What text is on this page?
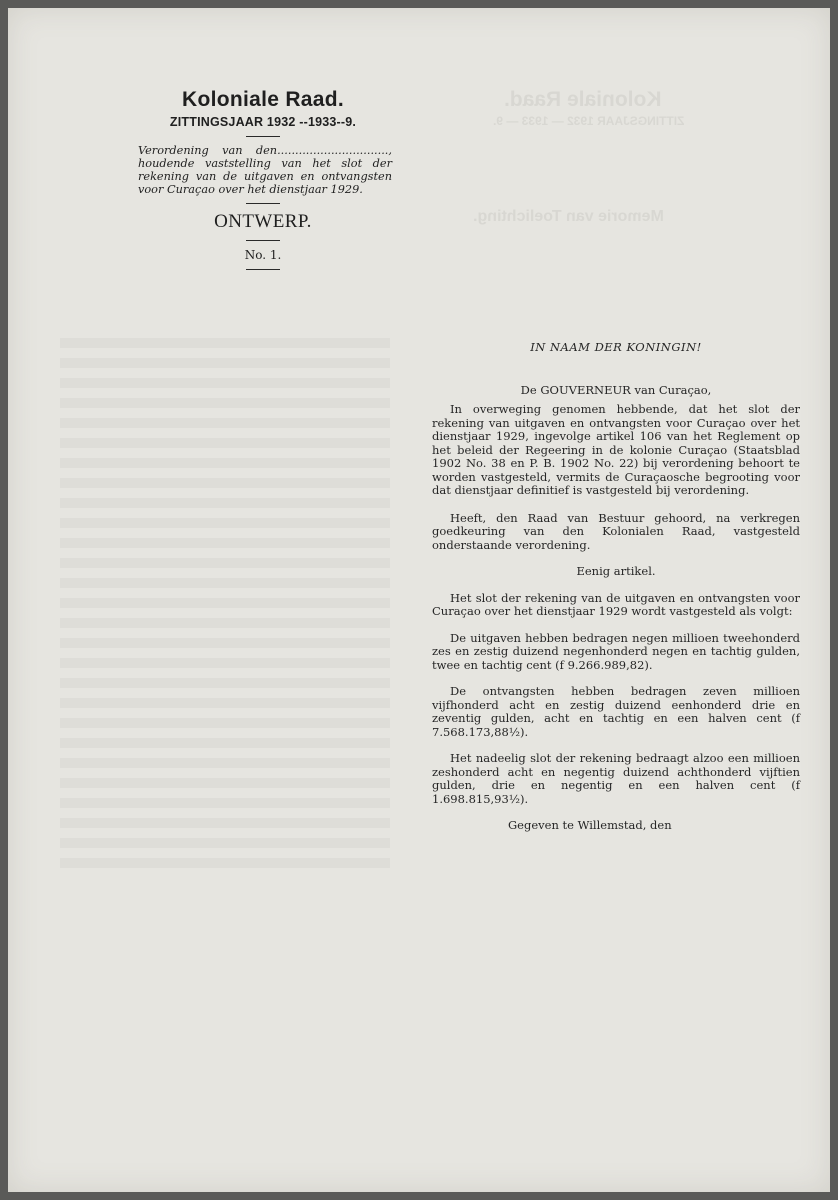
Koloniale Raad.
ZITTINGSJAAR 1932 — 1933 — 9.
Memorie van Toelichting.
Koloniale Raad.
ZITTINGSJAAR 1932 --1933--9.
Verordening van den..............................., houdende vaststelling van het slot der rekening van de uitgaven en ontvangsten voor Curaçao over het dienstjaar 1929.
ONTWERP.
No. 1.
IN NAAM DER KONINGIN!
De GOUVERNEUR van Curaçao,

In overweging genomen hebbende, dat het slot der rekening van uitgaven en ontvangsten voor Curaçao over het dienstjaar 1929, ingevolge artikel 106 van het Reglement op het beleid der Regeering in de kolonie Curaçao (Staatsblad 1902 No. 38 en P. B. 1902 No. 22) bij verordening behoort te worden vastgesteld, vermits de Curaçaosche begrooting voor dat dienstjaar definitief is vastgesteld bij verordening.

Heeft, den Raad van Bestuur gehoord, na verkregen goedkeuring van den Kolonialen Raad, vastgesteld onderstaande verordening.

Eenig artikel.

Het slot der rekening van de uitgaven en ontvangsten voor Curaçao over het dienstjaar 1929 wordt vastgesteld als volgt:

De uitgaven hebben bedragen negen millioen tweehonderd zes en zestig duizend negenhonderd negen en tachtig gulden, twee en tachtig cent (f 9.266.989,82).

De ontvangsten hebben bedragen zeven millioen vijfhonderd acht en zestig duizend eenhonderd drie en zeventig gulden, acht en tachtig en een halven cent (f 7.568.173,88½).

Het nadeelig slot der rekening bedraagt alzoo een millioen zeshonderd acht en negentig duizend achthonderd vijftien gulden, drie en negentig en een halven cent (f 1.698.815,93½).

Gegeven te Willemstad, den
